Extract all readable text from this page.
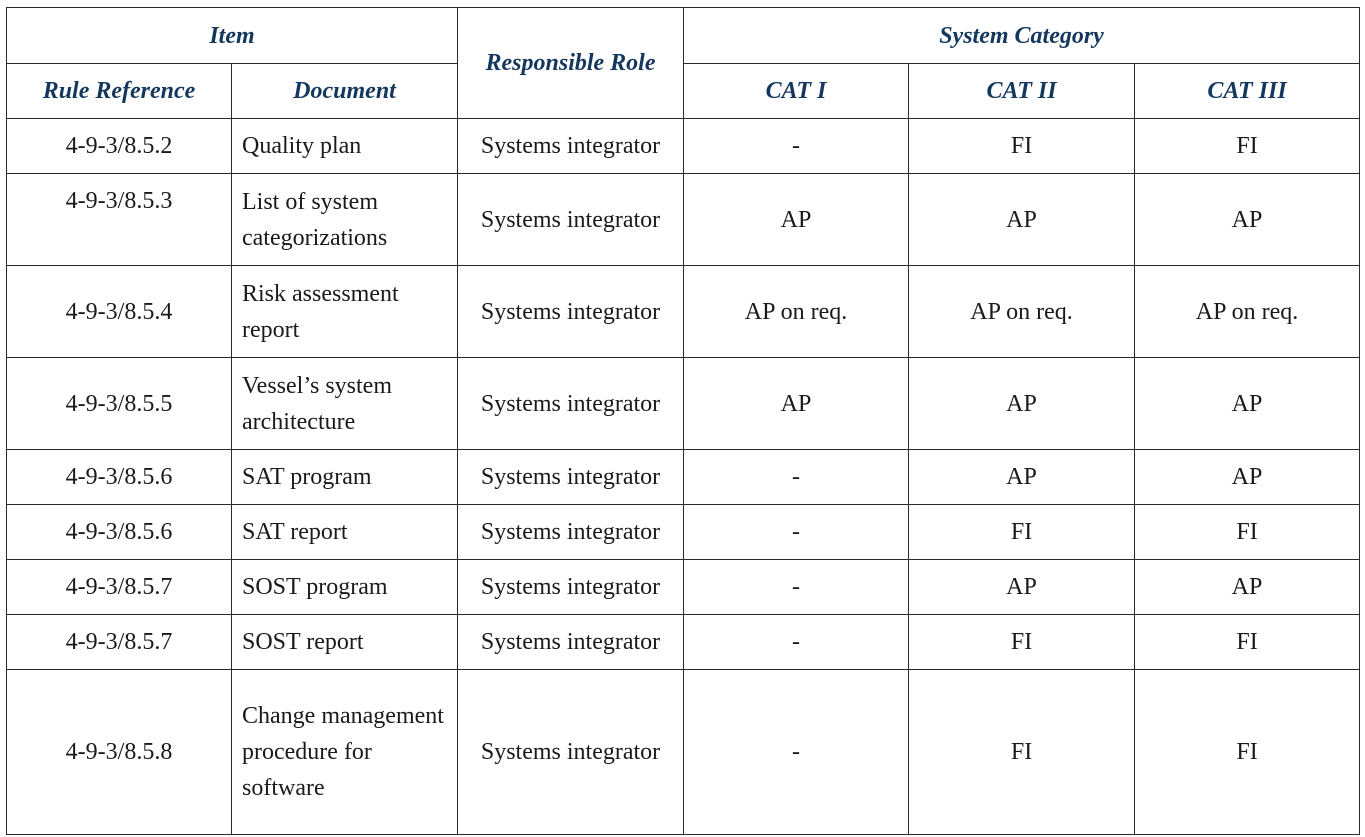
Item		Responsible Role	System Category		
Rule Reference	Document		CAT I	CAT II	CAT III
4-9-3/8.5.2	Quality plan	Systems integrator	-	FI	FI
4-9-3/8.5.3	List of system categorizations	Systems integrator	AP	AP	AP
4-9-3/8.5.4	Risk assessment report	Systems integrator	AP on req.	AP on req.	AP on req.
4-9-3/8.5.5	Vessel’s system architecture	Systems integrator	AP	AP	AP
4-9-3/8.5.6	SAT program	Systems integrator	-	AP	AP
4-9-3/8.5.6	SAT report	Systems integrator	-	FI	FI
4-9-3/8.5.7	SOST program	Systems integrator	-	AP	AP
4-9-3/8.5.7	SOST report	Systems integrator	-	FI	FI
4-9-3/8.5.8	Change management procedure for software	Systems integrator	-	FI	FI
